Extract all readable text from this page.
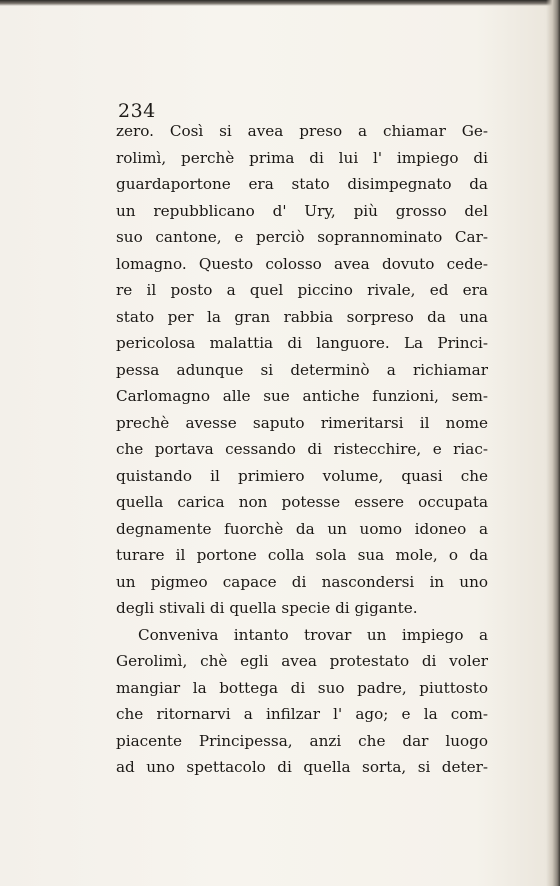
234
zero. Così si avea preso a chiamar Ge-
rolimì, perchè prima di lui l' impiego di
guardaportone era stato disimpegnato da
un repubblicano d' Ury, più grosso del
suo cantone, e perciò soprannominato Car-
lomagno. Questo colosso avea dovuto cede-
re il posto a quel piccino rivale, ed era
stato per la gran rabbia sorpreso da una
pericolosa malattia di languore. La Princi-
pessa adunque si determinò a richiamar
Carlomagno alle sue antiche funzioni, sem-
prechè avesse saputo rimeritarsi il nome
che portava cessando di ristecchire, e riac-
quistando il primiero volume, quasi che
quella carica non potesse essere occupata
degnamente fuorchè da un uomo idoneo a
turare il portone colla sola sua mole, o da
un pigmeo capace di nascondersi in uno
degli stivali di quella specie di gigante.
Conveniva intanto trovar un impiego a
Gerolimì, chè egli avea protestato di voler
mangiar la bottega di suo padre, piuttosto
che ritornarvi a infilzar l' ago; e la com-
piacente Principessa, anzi che dar luogo
ad uno spettacolo di quella sorta, si deter-
